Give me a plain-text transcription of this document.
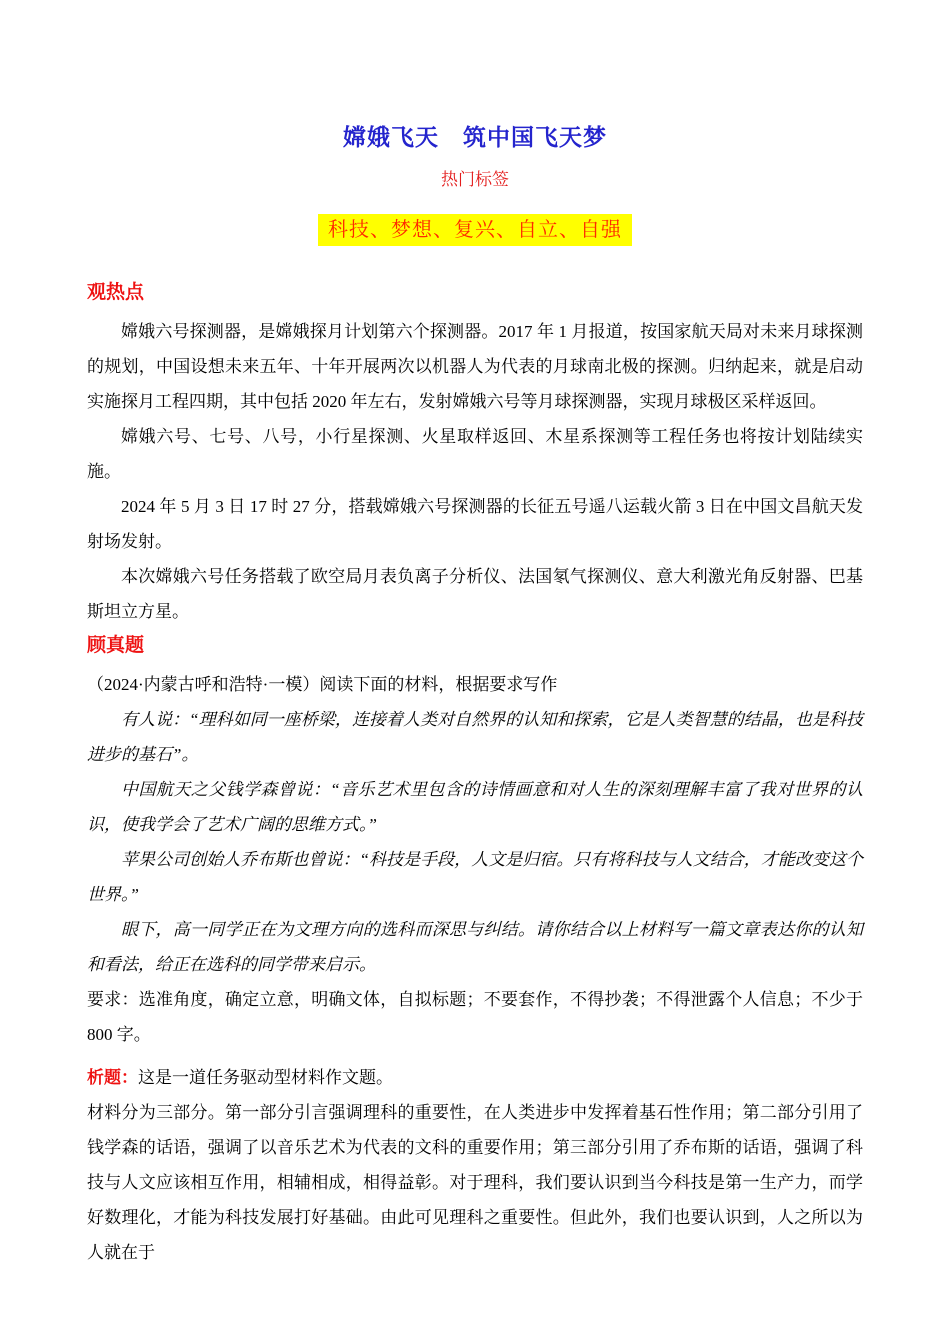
嫦娥飞天　筑中国飞天梦
热门标签
科技、梦想、复兴、自立、自强
观热点

嫦娥六号探测器，是嫦娥探月计划第六个探测器。2017 年 1 月报道，按国家航天局对未来月球探测的规划，中国设想未来五年、十年开展两次以机器人为代表的月球南北极的探测。归纳起来，就是启动实施探月工程四期，其中包括 2020 年左右，发射嫦娥六号等月球探测器，实现月球极区采样返回。

嫦娥六号、七号、八号，小行星探测、火星取样返回、木星系探测等工程任务也将按计划陆续实施。

2024 年 5 月 3 日 17 时 27 分，搭载嫦娥六号探测器的长征五号遥八运载火箭 3 日在中国文昌航天发射场发射。

本次嫦娥六号任务搭载了欧空局月表负离子分析仪、法国氡气探测仪、意大利激光角反射器、巴基斯坦立方星。

顾真题

（2024·内蒙古呼和浩特·一模）阅读下面的材料，根据要求写作

有人说：“理科如同一座桥梁，连接着人类对自然界的认知和探索，它是人类智慧的结晶，也是科技进步的基石”。

中国航天之父钱学森曾说：“音乐艺术里包含的诗情画意和对人生的深刻理解丰富了我对世界的认识，使我学会了艺术广阔的思维方式。”

苹果公司创始人乔布斯也曾说：“科技是手段，人文是归宿。只有将科技与人文结合，才能改变这个世界。”

眼下，高一同学正在为文理方向的选科而深思与纠结。请你结合以上材料写一篇文章表达你的认知和看法，给正在选科的同学带来启示。

要求：选准角度，确定立意，明确文体，自拟标题；不要套作，不得抄袭；不得泄露个人信息；不少于 800 字。

析题：这是一道任务驱动型材料作文题。

材料分为三部分。第一部分引言强调理科的重要性，在人类进步中发挥着基石性作用；第二部分引用了钱学森的话语，强调了以音乐艺术为代表的文科的重要作用；第三部分引用了乔布斯的话语，强调了科技与人文应该相互作用，相辅相成，相得益彰。对于理科，我们要认识到当今科技是第一生产力，而学好数理化，才能为科技发展打好基础。由此可见理科之重要性。但此外，我们也要认识到，人之所以为人就在于
